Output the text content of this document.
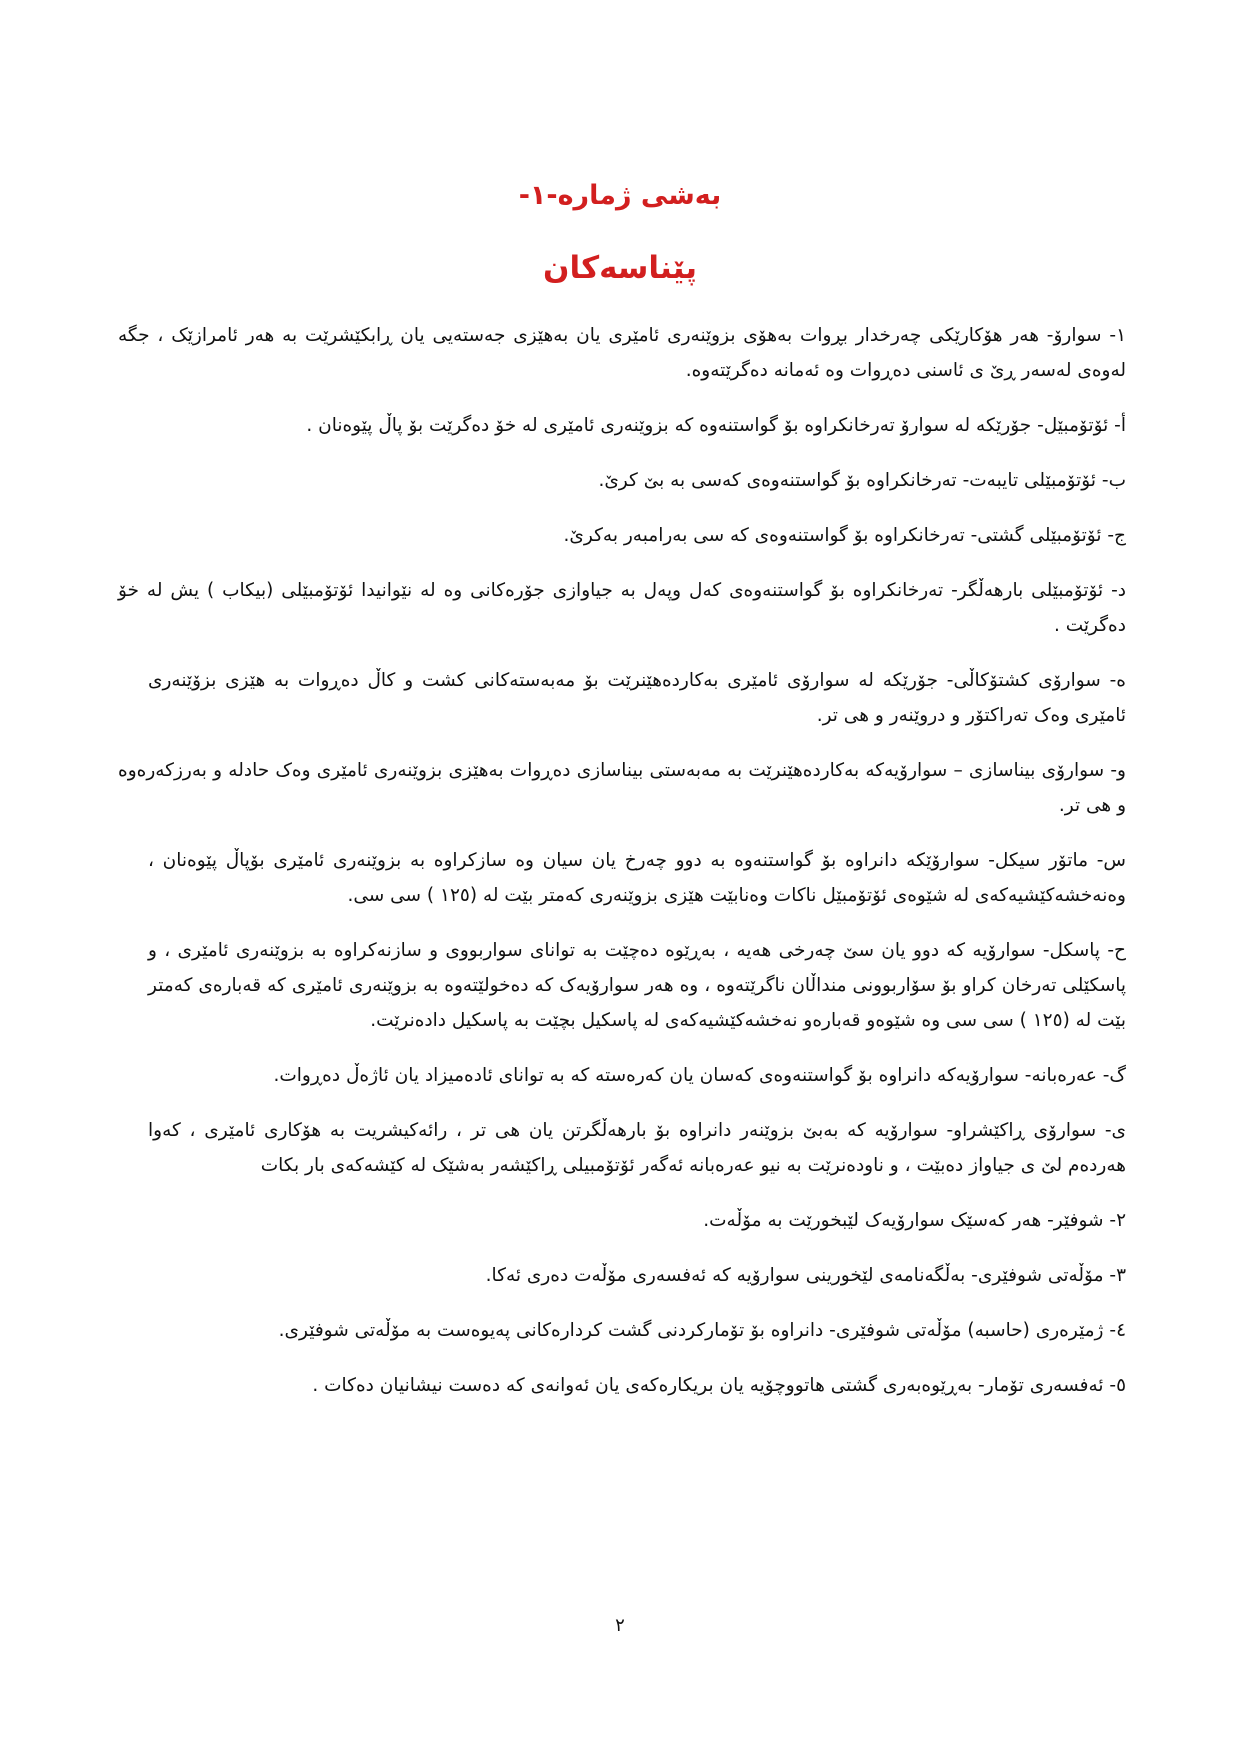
بەشی ژمارە-١-
پێناسەکان

١- سوارۆ- هەر هۆکارێکی چەرخدار بڕوات بەهۆی بزوێنەری ئامێری یان بەهێزی جەستەیی یان ڕابکێشرێت بە هەر ئامرازێک ، جگە لەوەی لەسەر ڕێ ی ئاسنی دەڕوات وە ئەمانە دەگرێتەوە.

أ- ئۆتۆمبێل- جۆرێکە لە سوارۆ تەرخانکراوە بۆ گواستنەوە کە بزوێنەری ئامێری لە خۆ دەگرێت بۆ پاڵ پێوەنان .

ب- ئۆتۆمبێلی تایبەت- تەرخانکراوە بۆ گواستنەوەی کەسی بە بێ کرێ.

ج- ئۆتۆمبێلی گشتی- تەرخانکراوە بۆ گواستنەوەی کە سی بەرامبەر بەکرێ.

د- ئۆتۆمبێلی بارهەڵگر- تەرخانکراوە بۆ گواستنەوەی کەل وپەل بە جیاوازی جۆرەکانی وە لە نێوانیدا ئۆتۆمبێلی (بیکاب ) یش لە خۆ دەگرێت .

ە- سوارۆی کشتۆکاڵی- جۆرێکە لە سوارۆی ئامێری بەکاردەهێنرێت بۆ مەبەستەکانی کشت و کاڵ دەڕوات بە هێزی بزۆێنەری ئامێری وەک تەراکتۆر و دروێنەر و هی تر.

و- سوارۆی بیناسازی – سوارۆیەکە بەکاردەهێنرێت بە مەبەستی بیناسازی دەڕوات بەهێزی بزوێنەری ئامێری وەک حادلە و بەرزکەرەوە و هی تر.

س- ماتۆر سیکل- سوارۆێکە دانراوە بۆ گواستنەوە بە دوو چەرخ یان سیان وە سازکراوە بە بزوێنەری ئامێری بۆپاڵ پێوەنان ، وەنەخشەکێشیەکەی لە شێوەی ئۆتۆمبێل ناکات وەنابێت هێزی بزوێنەری کەمتر بێت لە (١٢٥ ) سی سی.

ح- پاسکل- سوارۆیە کە دوو یان سێ چەرخی هەیە ، بەڕێوە دەچێت بە توانای سواربووی و سازنەکراوە بە بزوێنەری ئامێری ، و پاسکێلی تەرخان کراو بۆ سۆاربوونی منداڵان ناگرێتەوە ، وە هەر سوارۆیەک کە دەخولێتەوە بە بزوێنەری ئامێری کە قەبارەی کەمتر بێت لە (١٢٥ ) سی سی وە شێوەو قەبارەو نەخشەکێشیەکەی لە پاسکیل بچێت بە پاسکیل دادەنرێت.

گ- عەرەبانە- سوارۆیەکە دانراوە بۆ گواستنەوەی کەسان یان کەرەستە کە بە توانای ئادەمیزاد یان ئاژەڵ دەڕوات.

ی- سوارۆی ڕاکێشراو- سوارۆیە کە بەبێ بزوێنەر دانراوە بۆ بارهەڵگرتن یان هی تر ، رائەکیشریت بە هۆکاری ئامێری ، کەوا هەردەم لێ ی جیاواز دەبێت ، و ناودەنرێت بە نیو عەرەبانە ئەگەر ئۆتۆمبیلی ڕاکێشەر بەشێک لە کێشەکەی بار بکات

٢- شوفێر- هەر کەسێک سوارۆیەک لێبخورێت بە مۆڵەت.

٣- مۆڵەتی شوفێری- بەڵگەنامەی لێخورینی سوارۆیە کە ئەفسەری مۆڵەت دەری ئەکا.

٤- ژمێرەری (حاسبە) مۆڵەتی شوفێری- دانراوە بۆ تۆمارکردنی گشت کردارەکانی پەیوەست بە مۆڵەتی شوفێری.

٥- ئەفسەری تۆمار- بەڕێوەبەری گشتی هاتووچۆیە یان بریکارەکەی یان ئەوانەی کە دەست نیشانیان دەکات .

٢
